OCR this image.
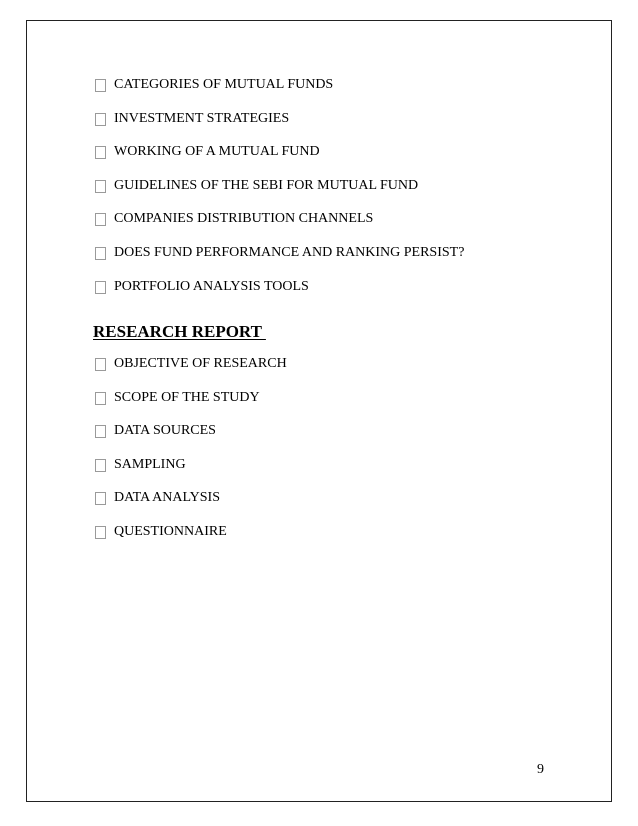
CATEGORIES OF MUTUAL FUNDS
INVESTMENT STRATEGIES
WORKING OF A MUTUAL FUND
GUIDELINES OF THE SEBI FOR MUTUAL FUND
COMPANIES DISTRIBUTION CHANNELS
DOES FUND PERFORMANCE AND RANKING PERSIST?
PORTFOLIO ANALYSIS TOOLS
RESEARCH REPORT
OBJECTIVE OF RESEARCH
SCOPE OF THE STUDY
DATA SOURCES
SAMPLING
DATA ANALYSIS
QUESTIONNAIRE
9
